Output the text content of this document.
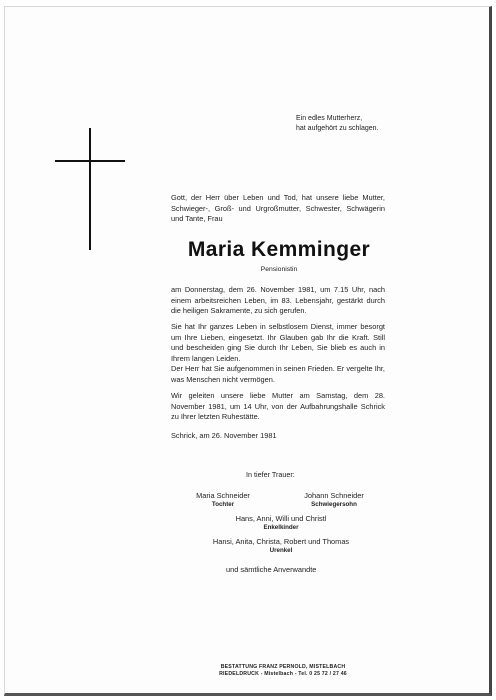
Ein edles Mutterherz,
hat aufgehört zu schlagen.
Gott, der Herr über Leben und Tod, hat unsere liebe Mutter, Schwieger-, Groß- und Urgroßmutter, Schwester, Schwägerin und Tante, Frau
Maria Kemminger
Pensionistin
am Donnerstag, dem 26. November 1981, um 7.15 Uhr, nach einem arbeitsreichen Leben, im 83. Lebensjahr, gestärkt durch die heiligen Sakramente, zu sich gerufen.
Sie hat Ihr ganzes Leben in selbstlosem Dienst, immer besorgt um Ihre Lieben, eingesetzt. Ihr Glauben gab Ihr die Kraft. Still und bescheiden ging Sie durch Ihr Leben, Sie blieb es auch in Ihrem langen Leiden.
Der Herr hat Sie aufgenommen in seinen Frieden. Er vergelte Ihr, was Menschen nicht vermögen.
Wir geleiten unsere liebe Mutter am Samstag, dem 28. November 1981, um 14 Uhr, von der Aufbahrungshalle Schrick zu Ihrer letzten Ruhestätte.
Schrick, am 26. November 1981
In tiefer Trauer:
Maria Schneider
Tochter
Johann Schneider
Schwiegersohn
Hans, Anni, Willi und Christl
Enkelkinder
Hansi, Anita, Christa, Robert und Thomas
Urenkel
und sämtliche Anverwandte
BESTATTUNG FRANZ PERNOLD, MISTELBACH
RIEDELDRUCK - Mistelbach - Tel. 0 25 72 / 27 46
